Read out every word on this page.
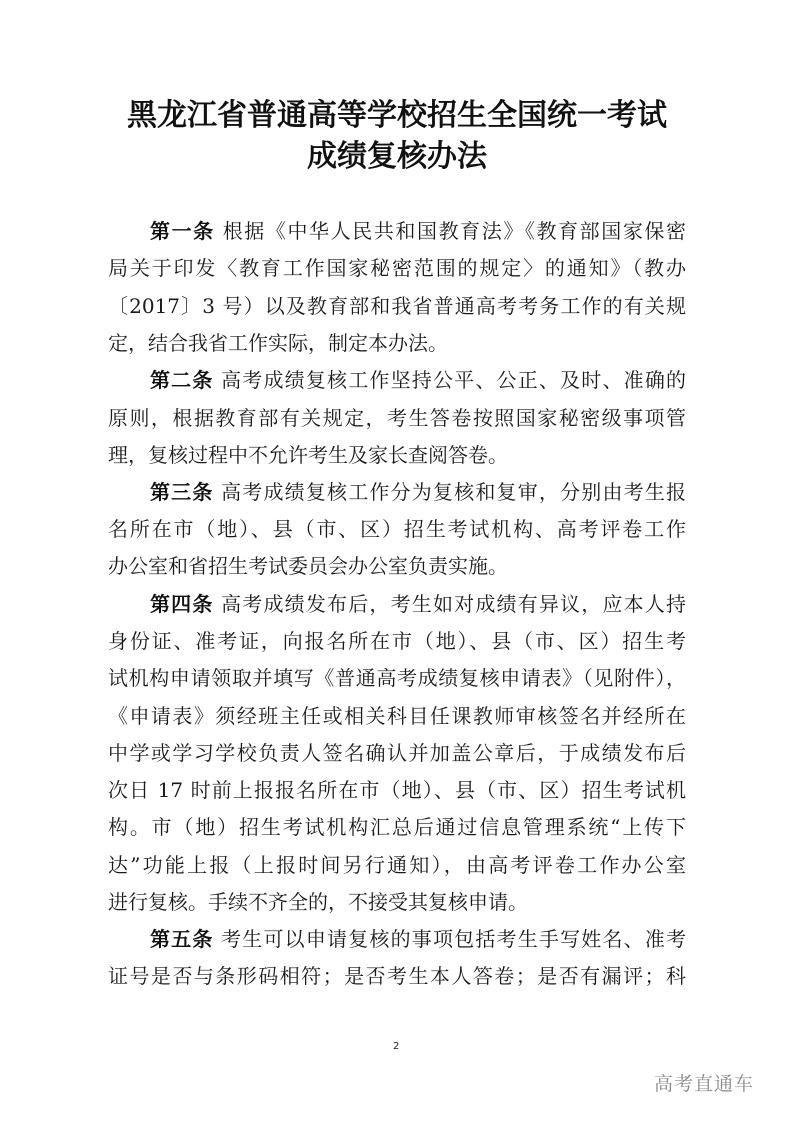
黑龙江省普通高等学校招生全国统一考试
成绩复核办法
第一条 根据《中华人民共和国教育法》《教育部国家保密
局关于印发〈教育工作国家秘密范围的规定〉的通知》（教办
〔2017〕3 号）以及教育部和我省普通高考考务工作的有关规
定，结合我省工作实际，制定本办法。
第二条 高考成绩复核工作坚持公平、公正、及时、准确的
原则，根据教育部有关规定，考生答卷按照国家秘密级事项管
理，复核过程中不允许考生及家长查阅答卷。
第三条 高考成绩复核工作分为复核和复审，分别由考生报
名所在市（地）、县（市、区）招生考试机构、高考评卷工作
办公室和省招生考试委员会办公室负责实施。
第四条 高考成绩发布后，考生如对成绩有异议，应本人持
身份证、准考证，向报名所在市（地）、县（市、区）招生考
试机构申请领取并填写《普通高考成绩复核申请表》（见附件），
《申请表》须经班主任或相关科目任课教师审核签名并经所在
中学或学习学校负责人签名确认并加盖公章后，于成绩发布后
次日 17 时前上报报名所在市（地）、县（市、区）招生考试机
构。市（地）招生考试机构汇总后通过信息管理系统“上传下
达”功能上报（上报时间另行通知），由高考评卷工作办公室
进行复核。手续不齐全的，不接受其复核申请。
第五条 考生可以申请复核的事项包括考生手写姓名、准考
证号是否与条形码相符；是否考生本人答卷；是否有漏评；科
2
高考直通车
